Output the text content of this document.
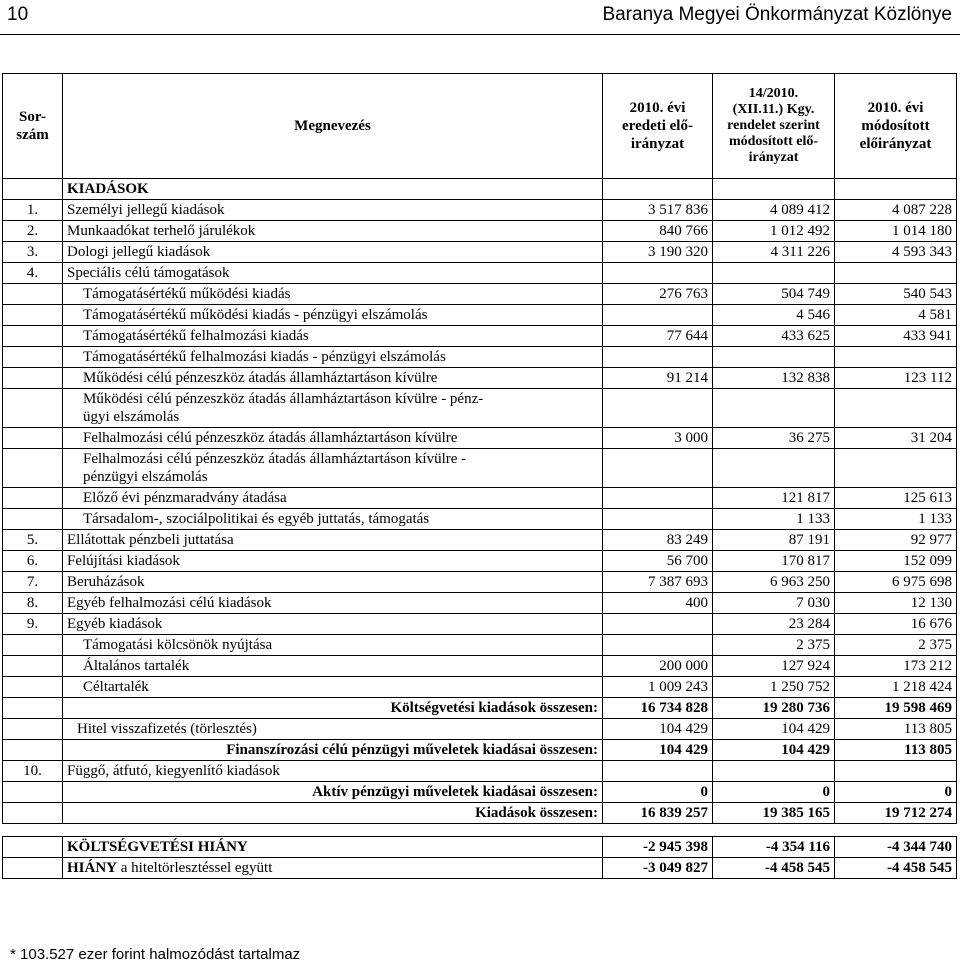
10	Baranya Megyei Önkormányzat Közlönye
Sor-
szám	Megnevezés	2010. évi
eredeti elő-
irányzat	14/2010.
(XII.11.) Kgy.
rendelet szerint
módosított elő-
irányzat	2010. évi
módosított
előirányzat
	KIADÁSOK			
1.	Személyi jellegű kiadások	3 517 836	4 089 412	4 087 228
2.	Munkaadókat terhelő járulékok	840 766	1 012 492	1 014 180
3.	Dologi jellegű kiadások	3 190 320	4 311 226	4 593 343
4.	Speciális célú támogatások			
	Támogatásértékű működési kiadás	276 763	504 749	540 543
	Támogatásértékű működési kiadás - pénzügyi elszámolás		4 546	4 581
	Támogatásértékű felhalmozási kiadás	77 644	433 625	433 941
	Támogatásértékű felhalmozási kiadás - pénzügyi elszámolás			
	Működési célú pénzeszköz átadás államháztartáson kívülre	91 214	132 838	123 112
	Működési célú pénzeszköz átadás államháztartáson kívülre - pénz-
ügyi elszámolás			
	Felhalmozási célú pénzeszköz átadás államháztartáson kívülre	3 000	36 275	31 204
	Felhalmozási célú pénzeszköz átadás államháztartáson kívülre -
pénzügyi elszámolás			
	Előző évi pénzmaradvány átadása		121 817	125 613
	Társadalom-, szociálpolitikai és egyéb juttatás, támogatás		1 133	1 133
5.	Ellátottak pénzbeli juttatása	83 249	87 191	92 977
6.	Felújítási kiadások	56 700	170 817	152 099
7.	Beruházások	7 387 693	6 963 250	6 975 698
8.	Egyéb felhalmozási célú kiadások	400	7 030	12 130
9.	Egyéb kiadások		23 284	16 676
	Támogatási kölcsönök nyújtása		2 375	2 375
	Általános tartalék	200 000	127 924	173 212
	Céltartalék	1 009 243	1 250 752	1 218 424
	Költségvetési kiadások összesen:	16 734 828	19 280 736	19 598 469
	Hitel visszafizetés (törlesztés)	104 429	104 429	113 805
	Finanszírozási célú pénzügyi műveletek kiadásai összesen:	104 429	104 429	113 805
10.	Függő, átfutó, kiegyenlítő kiadások			
	Aktív pénzügyi műveletek kiadásai összesen:	0	0	0
	Kiadások összesen:	16 839 257	19 385 165	19 712 274

	KÖLTSÉGVETÉSI HIÁNY	-2 945 398	-4 354 116	-4 344 740
	HIÁNY a hiteltörlesztéssel együtt	-3 049 827	-4 458 545	-4 458 545
* 103.527 ezer forint halmozódást tartalmaz
